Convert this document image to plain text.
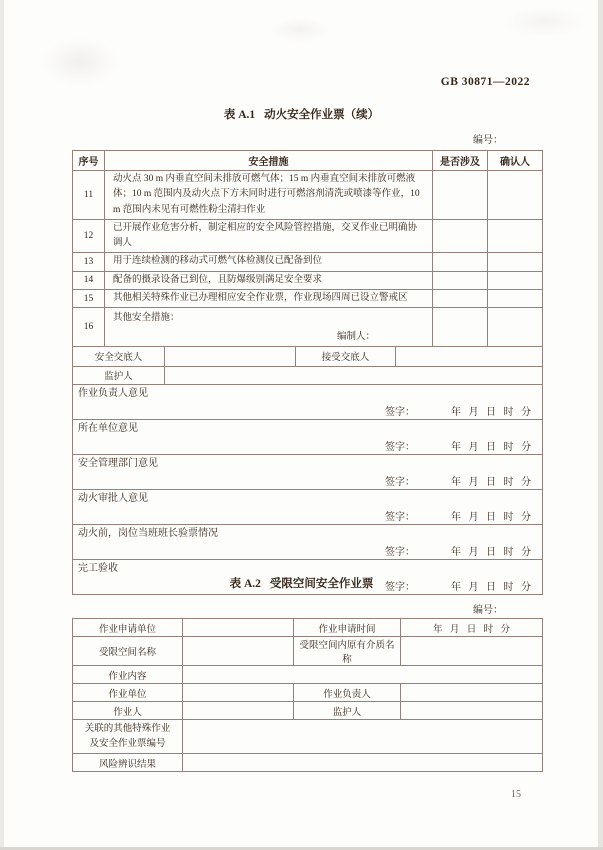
GB 30871—2022
表 A.1 动火安全作业票（续）
编号：
序号	安全措施	是否涉及	确认人
11	动火点 30 m 内垂直空间未排放可燃气体；15 m 内垂直空间未排放可燃液体；10 m 范围内及动火点下方未同时进行可燃溶剂清洗或喷漆等作业，10 m 范围内未见有可燃性粉尘清扫作业		
12	已开展作业危害分析，制定相应的安全风险管控措施，交叉作业已明确协调人		
13	用于连续检测的移动式可燃气体检测仪已配备到位		
14	配备的摄录设备已到位，且防爆级别满足安全要求		
15	其他相关特殊作业已办理相应安全作业票，作业现场四周已设立警戒区		
16	其他安全措施：
编制人：		

安全交底人		接受交底人	
监护人			
作业负责人意见
签字：	年 月 日 时 分

所在单位意见
签字：	年 月 日 时 分

安全管理部门意见
签字：	年 月 日 时 分

动火审批人意见
签字：	年 月 日 时 分

动火前，岗位当班班长验票情况
签字：	年 月 日 时 分

完工验收
签字：	年 月 日 时 分
表 A.2 受限空间安全作业票
编号：
作业申请单位		作业申请时间	年 月 日 时 分
受限空间名称		受限空间内原有介质名称	
作业内容			
作业单位		作业负责人	
作业人		监护人	

关联的其他特殊作业
及安全作业票编号			

风险辨识结果			
15
